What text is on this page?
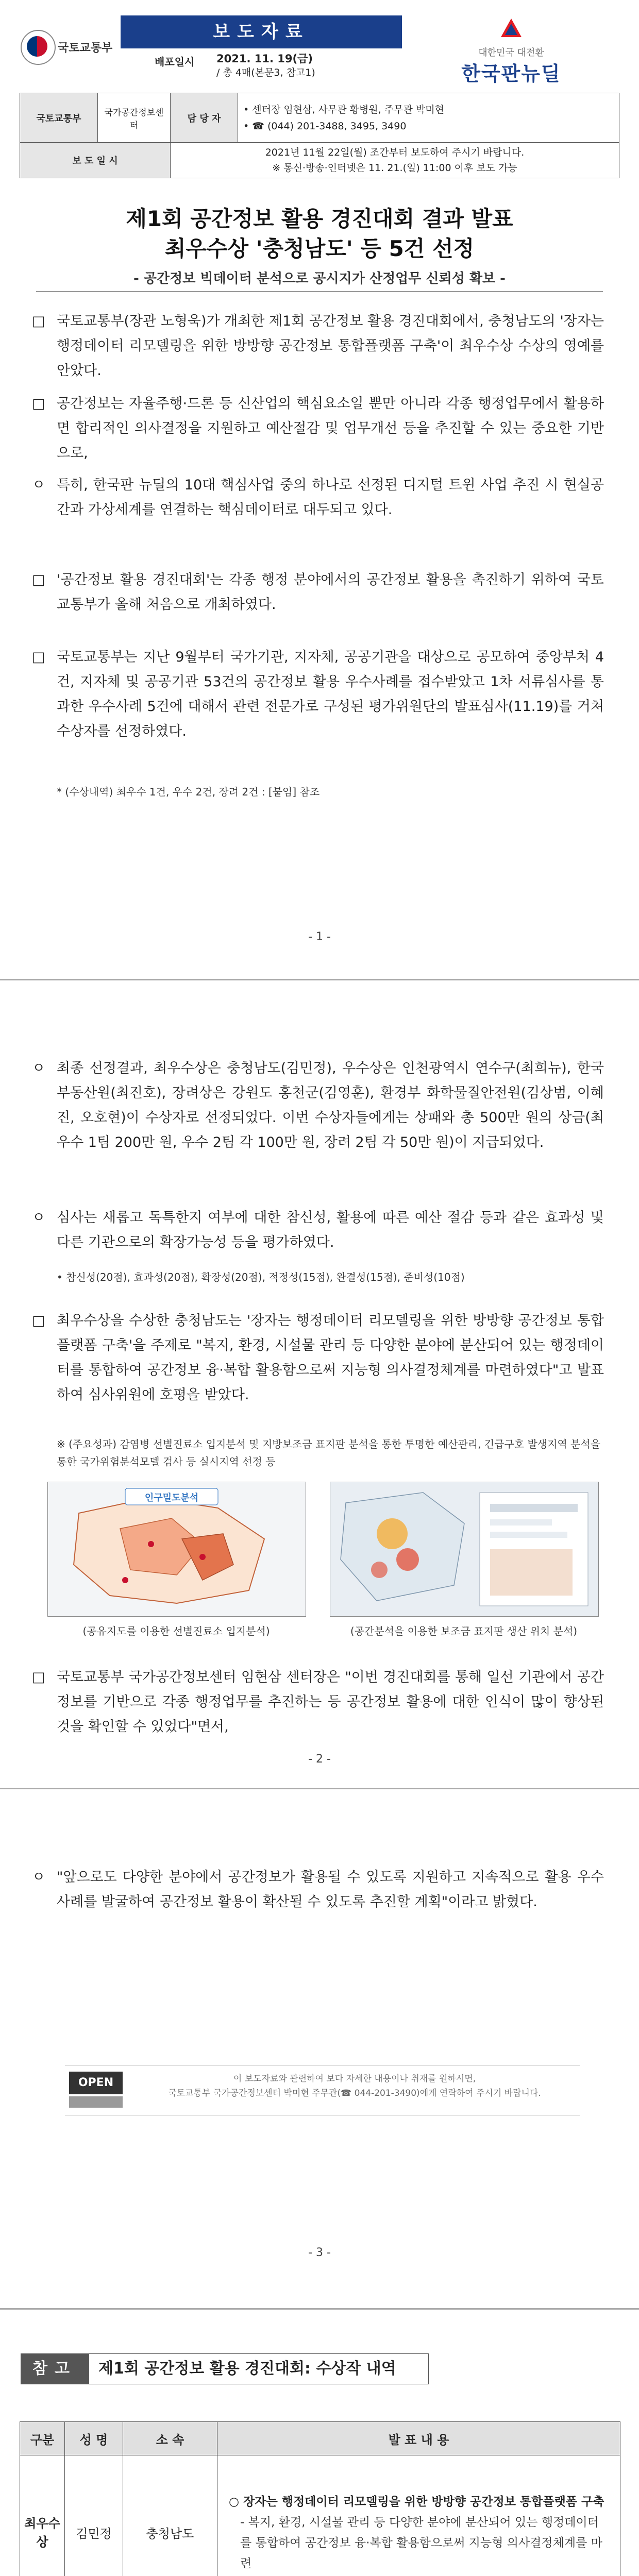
국토교통부
보도자료
배포일시 2021. 11. 19(금)
/ 총 4매(본문3, 참고1)
대한민국 대전환
한국판뉴딜
국토교통부	국가공간정보센터	담 당 자	• 센터장 임현삼, 사무관 황병원, 주무관 박미현
• ☎ (044) 201-3488, 3495, 3490

보 도 일 시		2021년 11월 22일(월) 조간부터 보도하여 주시기 바랍니다.
※ 통신·방송·인터넷은 11. 21.(일) 11:00 이후 보도 가능	
제1회 공간정보 활용 경진대회 결과 발표
최우수상 '충청남도' 등 5건 선정
- 공간정보 빅데이터 분석으로 공시지가 산정업무 신뢰성 확보 -
□ 국토교통부(장관 노형욱)가 개최한 제1회 공간정보 활용 경진대회에서, 충청남도의 '장자는 행정데이터 리모델링을 위한 방방향 공간정보 통합플랫폼 구축'이 최우수상 수상의 영예를 안았다.
□ 공간정보는 자율주행·드론 등 신산업의 핵심요소일 뿐만 아니라 각종 행정업무에서 활용하면 합리적인 의사결정을 지원하고 예산절감 및 업무개선 등을 추진할 수 있는 중요한 기반으로,
ㅇ 특히, 한국판 뉴딜의 10대 핵심사업 중의 하나로 선정된 디지털 트윈 사업 추진 시 현실공간과 가상세계를 연결하는 핵심데이터로 대두되고 있다.
□ '공간정보 활용 경진대회'는 각종 행정 분야에서의 공간정보 활용을 촉진하기 위하여 국토교통부가 올해 처음으로 개최하였다.
□ 국토교통부는 지난 9월부터 국가기관, 지자체, 공공기관을 대상으로 공모하여 중앙부처 4건, 지자체 및 공공기관 53건의 공간정보 활용 우수사례를 접수받았고 1차 서류심사를 통과한 우수사례 5건에 대해서 관련 전문가로 구성된 평가위원단의 발표심사(11.19)를 거쳐 수상자를 선정하였다.
* (수상내역) 최우수 1건, 우수 2건, 장려 2건 : [붙임] 참조
- 1 -
ㅇ 최종 선정결과, 최우수상은 충청남도(김민정), 우수상은 인천광역시 연수구(최희뉴), 한국부동산원(최진호), 장려상은 강원도 홍천군(김영훈), 환경부 화학물질안전원(김상범, 이혜진, 오호현)이 수상자로 선정되었다. 이번 수상자들에게는 상패와 총 500만 원의 상금(최우수 1팀 200만 원, 우수 2팀 각 100만 원, 장려 2팀 각 50만 원)이 지급되었다.
ㅇ 심사는 새롭고 독특한지 여부에 대한 참신성, 활용에 따른 예산 절감 등과 같은 효과성 및 다른 기관으로의 확장가능성 등을 평가하였다.
• 참신성(20점), 효과성(20점), 확장성(20점), 적정성(15점), 완결성(15점), 준비성(10점)
□ 최우수상을 수상한 충청남도는 '장자는 행정데이터 리모델링을 위한 방방향 공간정보 통합플랫폼 구축'을 주제로 "복지, 환경, 시설물 관리 등 다양한 분야에 분산되어 있는 행정데이터를 통합하여 공간정보 융·복합 활용함으로써 지능형 의사결정체계를 마련하였다"고 발표하여 심사위원에 호평을 받았다.
※ (주요성과) 감염병 선별진료소 입지분석 및 지방보조금 표지판 분석을 통한 투명한 예산관리, 긴급구호 발생지역 분석을 통한 국가위험분석모델 검사 등 실시지역 선정 등
인구밀도분석
(공유지도를 이용한 선별진료소 입지분석)	(공간분석을 이용한 보조금 표지판 생산 위치 분석)
□ 국토교통부 국가공간정보센터 임현삼 센터장은 "이번 경진대회를 통해 일선 기관에서 공간정보를 기반으로 각종 행정업무를 추진하는 등 공간정보 활용에 대한 인식이 많이 향상된 것을 확인할 수 있었다"면서,
- 2 -
ㅇ "앞으로도 다양한 분야에서 공간정보가 활용될 수 있도록 지원하고 지속적으로 활용 우수사례를 발굴하여 공간정보 활용이 확산될 수 있도록 추진할 계획"이라고 밝혔다.
OPEN	이 보도자료와 관련하여 보다 자세한 내용이나 취재를 원하시면,
국토교통부 국가공간정보센터 박미현 주무관(☎ 044-201-3490)에게 연락하여 주시기 바랍니다.
- 3 -
참고	제1회 공간정보 활용 경진대회: 수상작 내역
구분	성 명	소 속	발 표 내 용
최우수상	김민정	충청남도	○ 장자는 행정데이터 리모델링을 위한 방방향 공간정보 통합플랫폼 구축
- 복지, 환경, 시설물 관리 등 다양한 분야에 분산되어 있는 행정데이터를 통합하여 공간정보 융·복합 활용함으로써 지능형 의사결정체계를 마련
